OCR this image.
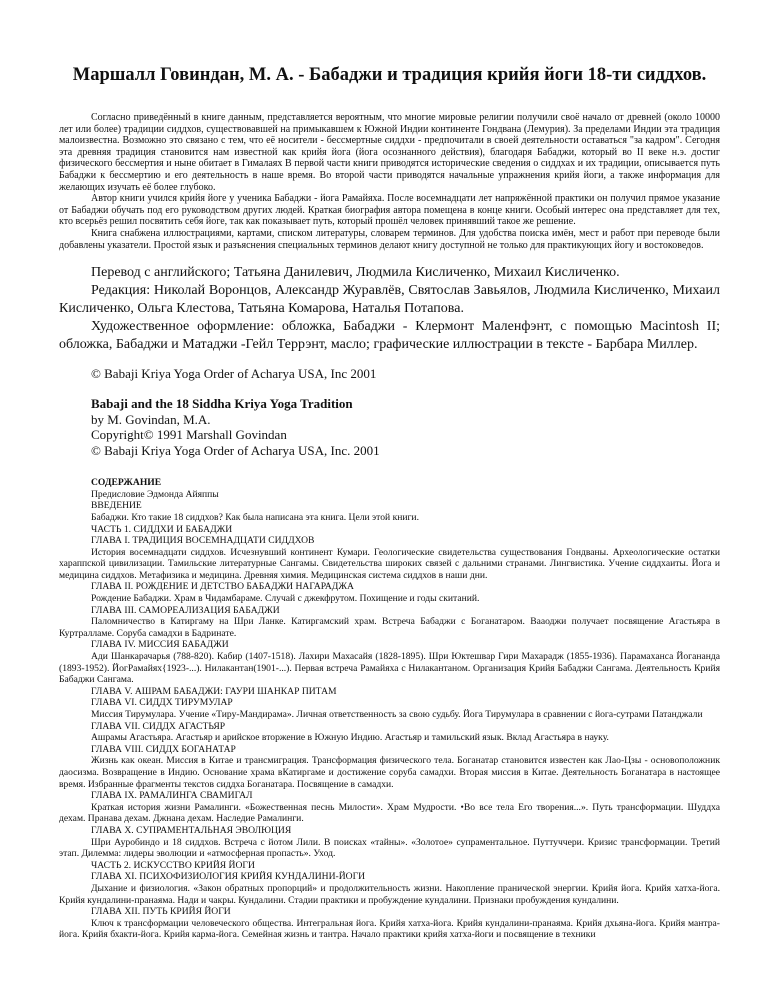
Маршалл Говиндан, М. А. - Бабаджи и традиция крийя йоги 18-ти сиддхов.

Согласно приведённый в книге данным, представляется вероятным, что многие мировые религии получили своё начало от древней (около 10000 лет или более) традиции сиддхов, существовавшей на примыкавшем к Южной Индии континенте Гондвана (Лемурия). За пределами Индии эта традиция малоизвестна. Возможно это связано с тем, что её носители - бессмертные сиддхи - предпочитали в своей деятельности оставаться "за кадром". Сегодня эта древняя традиция становится нам известной как крийя йога (йога осознанного действия), благодаря Бабаджи, который во II веке н.э. достиг физического бессмертия и ныне обитает в Гималаях В первой части книги приводятся исторические сведения о сиддхах и их традиции, описывается путь Бабаджи к бессмертию и его деятельность в наше время. Во второй части приводятся начальные упражнения крийя йоги, а также информация для желающих изучать её более глубоко.

Автор книги учился крийя йоге у ученика Бабаджи - йога Рамайяха. После восемнадцати лет напряжённой практики он получил прямое указание от Бабаджи обучать под его руководством других людей. Краткая биография автора помещена в конце книги. Особый интерес она представляет для тех, кто всерьёз решил посвятить себя йоге, так как показывает путь, который прошёл человек принявший такое же решение.

Книга снабжена иллюстрациями, картами, списком литературы, словарем терминов. Для удобства поиска имён, мест и работ при переводе были добавлены указатели. Простой язык и разъяснения специальных терминов делают книгу доступной не только для практикующих йогу и востоковедов.

Перевод с английского; Татьяна Данилевич, Людмила Кисличенко, Михаил Кисличенко.

Редакция: Николай Воронцов, Александр Журавлёв, Святослав Завьялов, Людмила Кисличенко, Михаил Кисличенко, Ольга Клестова, Татьяна Комарова, Наталья Потапова.

Художественное оформление: обложка, Бабаджи - Клермонт Маленфэнт, с помощью Macintosh II; обложка, Бабаджи и Матаджи -Гейл Террэнт, масло; графические иллюстрации в тексте - Барбара Миллер.

© Babaji Kriya Yoga Order of Acharya USA, Inc 2001
Babaji and the 18 Siddha Kriya Yoga Tradition
by M. Govindan, M.A.
Copyright© 1991 Marshall Govindan
© Babaji Kriya Yoga Order of Acharya USA, Inc. 2001
СОДЕРЖАНИЕ

Предисловие Эдмонда Айяппы

ВВЕДЕНИЕ

Бабаджи. Кто такие 18 сиддхов? Как была написана эта книга. Цели этой книги.

ЧАСТЬ 1. СИДДХИ И БАБАДЖИ

ГЛАВА I. ТРАДИЦИЯ ВОСЕМНАДЦАТИ СИДДХОВ

История восемнадцати сиддхов. Исчезнувший континент Кумари. Геологические свидетельства существования Гондваны. Археологические остатки хараппской цивилизации. Тамильские литературные Сангамы. Свидетельства широких связей с дальними странами. Лингвистика. Учение сиддхаиты. Йога и медицина сиддхов. Метафизика и медицина. Древняя химия. Медицинская система сиддхов в наши дни.

ГЛАВА II. РОЖДЕНИЕ И ДЕТСТВО БАБАДЖИ НАГАРАДЖА

Рождение Бабаджи. Храм в Чидамбараме. Случай с джекфрутом. Похищение и годы скитаний.

ГЛАВА III. САМОРЕАЛИЗАЦИЯ БАБАДЖИ

Паломничество в Катиргаму на Шри Ланке. Катиргамский храм. Встреча Бабаджи с Боганатаром. Вааоджи получает посвящение Агастьяра в Куртралламе. Соруба самадхи в Бадринате.

ГЛАВА IV. МИССИЯ БАБАДЖИ

Ади Шанкарачарья (788-820). Кабир (1407-1518). Лахири Махасайя (1828-1895). Шри Юктешвар Гири Махарадж (1855-1936). Парамаханса Йогананда (1893-1952). ЙогРамайях{1923-...). Нилакантан(1901-...). Первая встреча Рамайяха с Нилакантаном. Организация Крийя Бабаджи Сангама. Деятельность Крийя Бабаджи Сангама.

ГЛАВА V. АШРАМ БАБАДЖИ: ГАУРИ ШАНКАР ПИТАМ

ГЛАВА VI. СИДДХ ТИРУМУЛАР

Миссия Тирумулара. Учение «Тиру-Мандирама». Личная ответственность за свою судьбу. Йога Тирумулара в сравнении с йога-сутрами Патанджали

ГЛАВА VII. СИДДХ АГАСТЬЯР

Ашрамы Агастьяра. Агастьяр и арийское вторжение в Южную Индию. Агастьяр и тамильский язык. Вклад Агастьяра в науку.

ГЛАВА VIII. СИДДХ БОГАНАТАР

Жизнь как океан. Миссия в Китае и трансмиграция. Трансформация физического тела. Боганатар становится известен как Лао-Цзы - основоположник даосизма. Возвращение в Индию. Основание храма вКатиргаме и достижение соруба самадхи. Вторая миссия в Китае. Деятельность Боганатара в настоящее время. Избранные фрагменты текстов сиддха Боганатара. Посвящение в самадхи.

ГЛАВА IX. РАМАЛИНГА СВАМИГАЛ

Краткая история жизни Рамалинги. «Божественная песнь Милости». Храм Мудрости. •Во все тела Его творения...». Путь трансформации. Шуддха дехам. Пранава дехам. Джнана дехам. Наследие Рамалинги.

ГЛАВА X. СУПРАМЕНТАЛЬНАЯ ЭВОЛЮЦИЯ

Шри Ауробиндо и 18 сиддхов. Встреча с йотом Лили. В поисках «тайны». «Золотое» супраментальное. Путтуччери. Кризис трансформации. Третий этап. Дилемма: лидеры эволюции и «атмосферная пропасть». Уход.

ЧАСТЬ 2. ИСКУССТВО КРИЙЯ ЙОГИ

ГЛАВА XI. ПСИХОФИЗИОЛОГИЯ КРИЙЯ КУНДАЛИНИ-ЙОГИ

Дыхание и физиология. «Закон обратных пропорций» и продолжительность жизни. Накопление пранической энергии. Крийя йога. Крийя хатха-йога. Крийя кундалини-пранаяма. Нади и чакры. Кундалини. Стадии практики и пробуждение кундалини. Признаки пробуждения кундалини.

ГЛАВА XII. ПУТЬ КРИЙЯ ЙОГИ

Ключ к трансформации человеческого общества. Интегральная йога. Крийя хатха-йога. Крийя кундалини-пранаяма. Крийя дхьяна-йога. Крийя мантра-йога. Крийя бхакти-йога. Крийя карма-йога. Семейная жизнь и тантра. Начало практики крийя хатха-йоги и посвящение в техники
